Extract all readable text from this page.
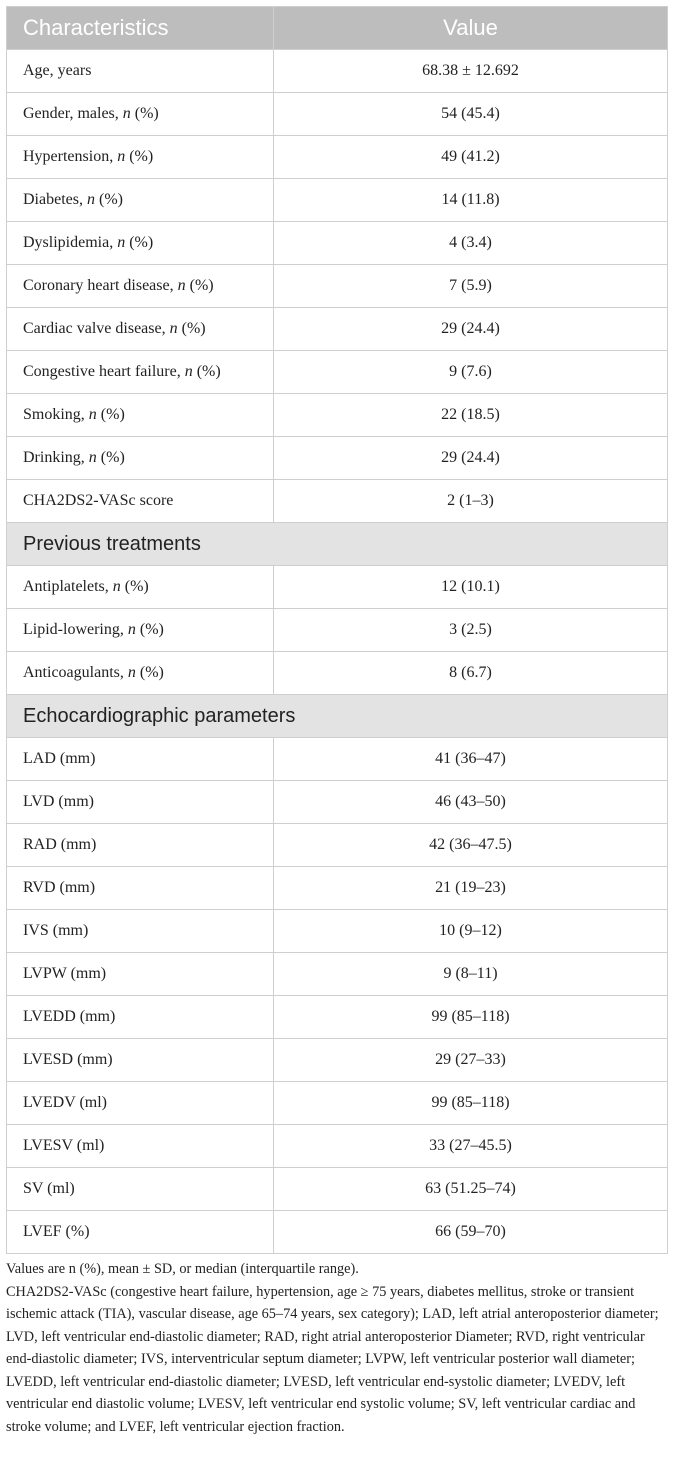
Characteristics	Value
Age, years	68.38 ± 12.692
Gender, males, n (%)	54 (45.4)
Hypertension, n (%)	49 (41.2)
Diabetes, n (%)	14 (11.8)
Dyslipidemia, n (%)	4 (3.4)
Coronary heart disease, n (%)	7 (5.9)
Cardiac valve disease, n (%)	29 (24.4)
Congestive heart failure, n (%)	9 (7.6)
Smoking, n (%)	22 (18.5)
Drinking, n (%)	29 (24.4)
CHA2DS2-VASc score	2 (1–3)
Previous treatments	
Antiplatelets, n (%)	12 (10.1)
Lipid-lowering, n (%)	3 (2.5)
Anticoagulants, n (%)	8 (6.7)
Echocardiographic parameters	
LAD (mm)	41 (36–47)
LVD (mm)	46 (43–50)
RAD (mm)	42 (36–47.5)
RVD (mm)	21 (19–23)
IVS (mm)	10 (9–12)
LVPW (mm)	9 (8–11)
LVEDD (mm)	99 (85–118)
LVESD (mm)	29 (27–33)
LVEDV (ml)	99 (85–118)
LVESV (ml)	33 (27–45.5)
SV (ml)	63 (51.25–74)
LVEF (%)	66 (59–70)

Values are n (%), mean ± SD, or median (interquartile range).

CHA2DS2-VASc (congestive heart failure, hypertension, age ≥ 75 years, diabetes mellitus, stroke or transient ischemic attack (TIA), vascular disease, age 65–74 years, sex category); LAD, left atrial anteroposterior diameter; LVD, left ventricular end-diastolic diameter; RAD, right atrial anteroposterior Diameter; RVD, right ventricular end-diastolic diameter; IVS, interventricular septum diameter; LVPW, left ventricular posterior wall diameter; LVEDD, left ventricular end-diastolic diameter; LVESD, left ventricular end-systolic diameter; LVEDV, left ventricular end diastolic volume; LVESV, left ventricular end systolic volume; SV, left ventricular cardiac and stroke volume; and LVEF, left ventricular ejection fraction.
